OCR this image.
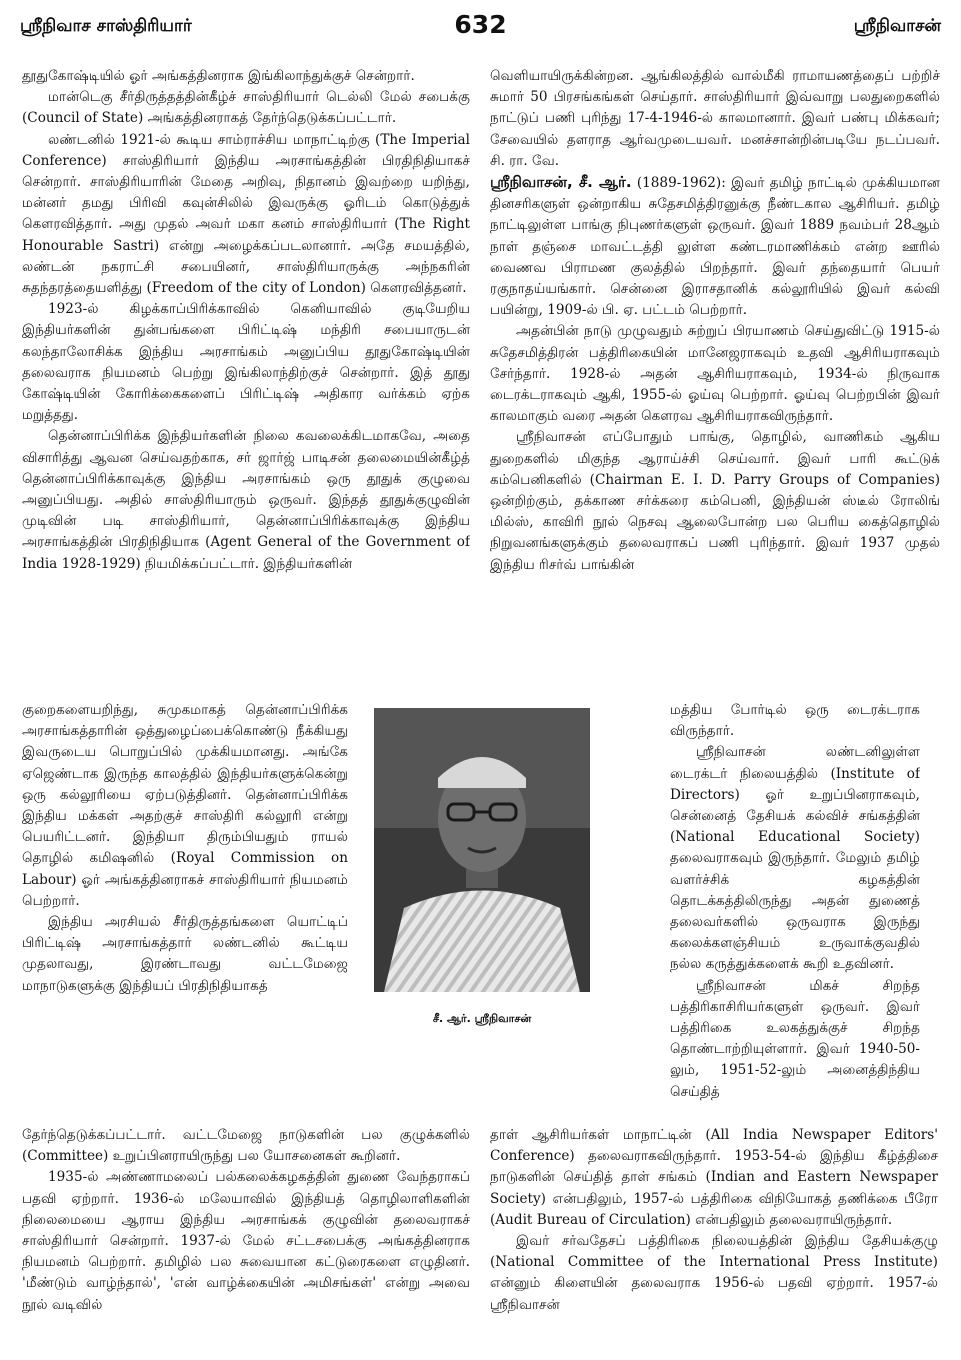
ஸ்ரீநிவாச சாஸ்திரியார்	632	ஸ்ரீநிவாசன்

தூதுகோஷ்டியில் ஓர் அங்கத்தினராக இங்கிலாந்துக்குச் சென்றார்.

மான்டெகு சீர்திருத்தத்தின்கீழ்ச் சாஸ்திரியார் டெல்லி மேல் சபைக்கு (Council of State) அங்கத்தினராகத் தேர்ந்தெடுக்கப்பட்டார்.

லண்டனில் 1921-ல் கூடிய சாம்ராச்சிய மாநாட்டிற்கு (The Imperial Conference) சாஸ்திரியார் இந்திய அரசாங்கத்தின் பிரதிநிதியாகச் சென்றார். சாஸ்திரியாரின் மேதை அறிவு, நிதானம் இவற்றை யறிந்து, மன்னர் தமது பிரிவி கவுன்சிலில் இவருக்கு ஓரிடம் கொடுத்துக் கௌரவித்தார். அது முதல் அவர் மகா கனம் சாஸ்திரியார் (The Right Honourable Sastri) என்று அழைக்கப்படலானார். அதே சமயத்தில், லண்டன் நகராட்சி சபையினர், சாஸ்திரியாருக்கு அந்நகரின் சுதந்தரத்தையளித்து (Freedom of the city of London) கௌரவித்தனர்.

1923-ல் கிழக்காப்பிரிக்காவில் கெனியாவில் குடியேறிய இந்தியர்களின் துன்பங்களை பிரிட்டிஷ் மந்திரி சபையாருடன் கலந்தாலோசிக்க இந்திய அரசாங்கம் அனுப்பிய தூதுகோஷ்டியின் தலைவராக நியமனம் பெற்று இங்கிலாந்திற்குச் சென்றார். இத் தூது கோஷ்டியின் கோரிக்கைகளைப் பிரிட்டிஷ் அதிகார வர்க்கம் ஏற்க மறுத்தது.

தென்னாப்பிரிக்க இந்தியர்களின் நிலை கவலைக்கிடமாகவே, அதை விசாரித்து ஆவன செய்வதற்காக, சர் ஜார்ஜ் பாடிசன் தலைமையின்கீழ்த் தென்னாப்பிரிக்காவுக்கு இந்திய அரசாங்கம் ஒரு தூதுக் குழுவை அனுப்பியது. அதில் சாஸ்திரியாரும் ஒருவர். இந்தத் தூதுக்குழுவின் முடிவின் படி சாஸ்திரியார், தென்னாப்பிரிக்காவுக்கு இந்திய அரசாங்கத்தின் பிரதிநிதியாக (Agent General of the Government of India 1928-1929) நியமிக்கப்பட்டார். இந்தியர்களின்

வெளியாயிருக்கின்றன. ஆங்கிலத்தில் வால்மீகி ராமாயணத்தைப் பற்றிச் சுமார் 50 பிரசங்கங்கள் செய்தார். சாஸ்திரியார் இவ்வாறு பலதுறைகளில் நாட்டுப் பணி புரிந்து 17-4-1946-ல் காலமானார். இவர் பண்பு மிக்கவர்; சேவையில் தளராத ஆர்வமுடையவர். மனச்சான்றின்படியே நடப்பவர். சி. ரா. வே.

ஸ்ரீநிவாசன், சீ. ஆர். (1889-1962): இவர் தமிழ் நாட்டில் முக்கியமான தினசரிகளுள் ஒன்றாகிய சுதேசமித்திரனுக்கு நீண்டகால ஆசிரியர். தமிழ் நாட்டிலுள்ள பாங்கு நிபுணர்களுள் ஒருவர். இவர் 1889 நவம்பர் 28ஆம் நாள் தஞ்சை மாவட்டத்தி லுள்ள கண்டரமாணிக்கம் என்ற ஊரில் வைணவ பிராமண குலத்தில் பிறந்தார். இவர் தந்தையார் பெயர் ரகுநாதய்யங்கார். சென்னை இராசதானிக் கல்லூரியில் இவர் கல்வி பயின்று, 1909-ல் பி. ஏ. பட்டம் பெற்றார்.

அதன்பின் நாடு முழுவதும் சுற்றுப் பிரயாணம் செய்துவிட்டு 1915-ல் சுதேசமித்திரன் பத்திரிகையின் மானேஜராகவும் உதவி ஆசிரியராகவும் சேர்ந்தார். 1928-ல் அதன் ஆசிரியராகவும், 1934-ல் நிருவாக டைரக்டராகவும் ஆகி, 1955-ல் ஓய்வு பெற்றார். ஓய்வு பெற்றபின் இவர் காலமாகும் வரை அதன் கௌரவ ஆசிரியராகவிருந்தார்.

ஸ்ரீநிவாசன் எப்போதும் பாங்கு, தொழில், வாணிகம் ஆகிய துறைகளில் மிகுந்த ஆராய்ச்சி செய்வார். இவர் பாரி கூட்டுக் கம்பெனிகளில் (Chairman E. I. D. Parry Groups of Companies) ஒன்றிற்கும், தக்காண சர்க்கரை கம்பெனி, இந்தியன் ஸ்டீல் ரோலிங் மில்ஸ், காவிரி நூல் நெசவு ஆலைபோன்ற பல பெரிய கைத்தொழில் நிறுவனங்களுக்கும் தலைவராகப் பணி புரிந்தார். இவர் 1937 முதல் இந்திய ரிசர்வ் பாங்கின்

குறைகளையறிந்து, சுமுகமாகத் தென்னாப்பிரிக்க அரசாங்கத்தாரின் ஒத்துழைப்பைக்கொண்டு நீக்கியது இவருடைய பொறுப்பில் முக்கியமானது. அங்கே ஏஜெண்டாக இருந்த காலத்தில் இந்தியர்களுக்கென்று ஒரு கல்லூரியை ஏற்படுத்தினர். தென்னாப்பிரிக்க இந்திய மக்கள் அதற்குச் சாஸ்திரி கல்லூரி என்று பெயரிட்டனர். இந்தியா திரும்பியதும் ராயல் தொழில் கமிஷனில் (Royal Commission on Labour) ஓர் அங்கத்தினராகச் சாஸ்திரியார் நியமனம் பெற்றார்.

இந்திய அரசியல் சீர்திருத்தங்களை யொட்டிப் பிரிட்டிஷ் அரசாங்கத்தார் லண்டனில் கூட்டிய முதலாவது, இரண்டாவது வட்டமேஜை மாநாடுகளுக்கு இந்தியப் பிரதிநிதியாகத்

சீ. ஆர். ஸ்ரீநிவாசன்

மத்திய போர்டில் ஒரு டைரக்டராக விருந்தார்.

ஸ்ரீநிவாசன் லண்டனிலுள்ள டைரக்டர் நிலையத்தில் (Institute of Directors) ஓர் உறுப்பினராகவும், சென்னைத் தேசியக் கல்விச் சங்கத்தின் (National Educational Society) தலைவராகவும் இருந்தார். மேலும் தமிழ் வளர்ச்சிக் கழகத்தின் தொடக்கத்திலிருந்து அதன் துணைத் தலைவர்களில் ஒருவராக இருந்து கலைக்களஞ்சியம் உருவாக்குவதில் நல்ல கருத்துக்களைக் கூறி உதவினர்.

ஸ்ரீநிவாசன் மிகச் சிறந்த பத்திரிகாசிரியர்களுள் ஒருவர். இவர் பத்திரிகை உலகத்துக்குச் சிறந்த தொண்டாற்றியுள்ளார். இவர் 1940-50-லும், 1951-52-லும் அனைத்திந்திய செய்தித்

தேர்ந்தெடுக்கப்பட்டார். வட்டமேஜை நாடுகளின் பல குழுக்களில் (Committee) உறுப்பினராயிருந்து பல யோசனைகள் கூறினர்.

1935-ல் அண்ணாமலைப் பல்கலைக்கழகத்தின் துணை வேந்தராகப் பதவி ஏற்றார். 1936-ல் மலேயாவில் இந்தியத் தொழிலாளிகளின் நிலைமையை ஆராய இந்திய அரசாங்கக் குழுவின் தலைவராகச் சாஸ்திரியார் சென்றார். 1937-ல் மேல் சட்டசபைக்கு அங்கத்தினராக நியமனம் பெற்றார். தமிழில் பல சுவையான கட்டுரைகளை எழுதினர். 'மீண்டும் வாழ்ந்தால்', 'என் வாழ்க்கையின் அமிசங்கள்' என்று அவை நூல் வடிவில்

தாள் ஆசிரியர்கள் மாநாட்டின் (All India Newspaper Editors' Conference) தலைவராகவிருந்தார். 1953-54-ல் இந்திய கீழ்த்திசை நாடுகளின் செய்தித் தாள் சங்கம் (Indian and Eastern Newspaper Society) என்பதிலும், 1957-ல் பத்திரிகை விநியோகத் தணிக்கை பீரோ (Audit Bureau of Circulation) என்பதிலும் தலைவராயிருந்தார்.

இவர் சர்வதேசப் பத்திரிகை நிலையத்தின் இந்திய தேசியக்குழு (National Committee of the International Press Institute) என்னும் கிளையின் தலைவராக 1956-ல் பதவி ஏற்றார். 1957-ல் ஸ்ரீநிவாசன்
